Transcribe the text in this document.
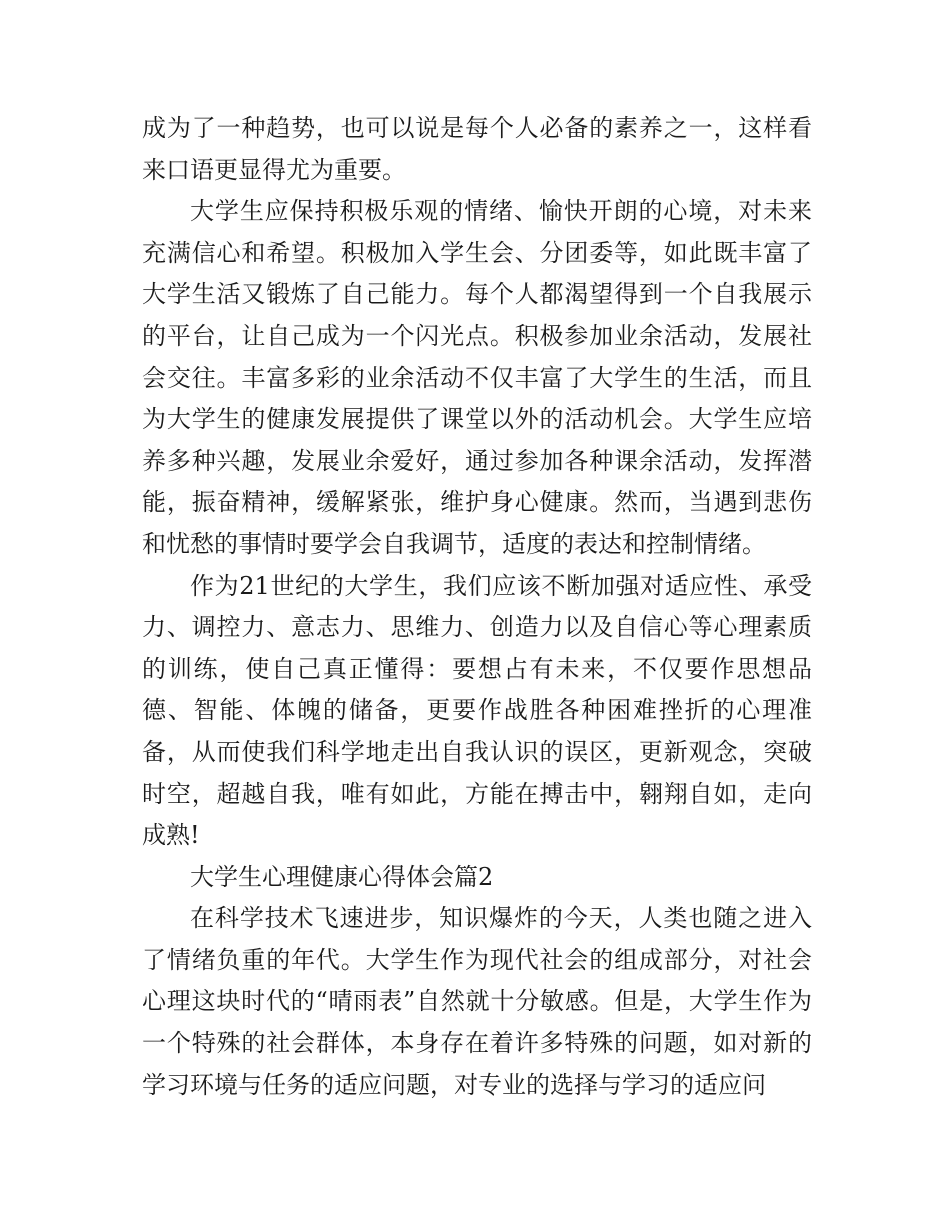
成为了一种趋势，也可以说是每个人必备的素养之一，这样看来口语更显得尤为重要。

大学生应保持积极乐观的情绪、愉快开朗的心境，对未来充满信心和希望。积极加入学生会、分团委等，如此既丰富了大学生活又锻炼了自己能力。每个人都渴望得到一个自我展示的平台，让自己成为一个闪光点。积极参加业余活动，发展社会交往。丰富多彩的业余活动不仅丰富了大学生的生活，而且为大学生的健康发展提供了课堂以外的活动机会。大学生应培养多种兴趣，发展业余爱好，通过参加各种课余活动，发挥潜能，振奋精神，缓解紧张，维护身心健康。然而，当遇到悲伤和忧愁的事情时要学会自我调节，适度的表达和控制情绪。

作为21世纪的大学生，我们应该不断加强对适应性、承受力、调控力、意志力、思维力、创造力以及自信心等心理素质的训练，使自己真正懂得：要想占有未来，不仅要作思想品德、智能、体魄的储备，更要作战胜各种困难挫折的心理准备，从而使我们科学地走出自我认识的误区，更新观念，突破时空，超越自我，唯有如此，方能在搏击中，翱翔自如，走向成熟!

大学生心理健康心得体会篇2

在科学技术飞速进步，知识爆炸的今天，人类也随之进入了情绪负重的年代。大学生作为现代社会的组成部分，对社会心理这块时代的“晴雨表”自然就十分敏感。但是，大学生作为一个特殊的社会群体，本身存在着许多特殊的问题，如对新的学习环境与任务的适应问题，对专业的选择与学习的适应问
